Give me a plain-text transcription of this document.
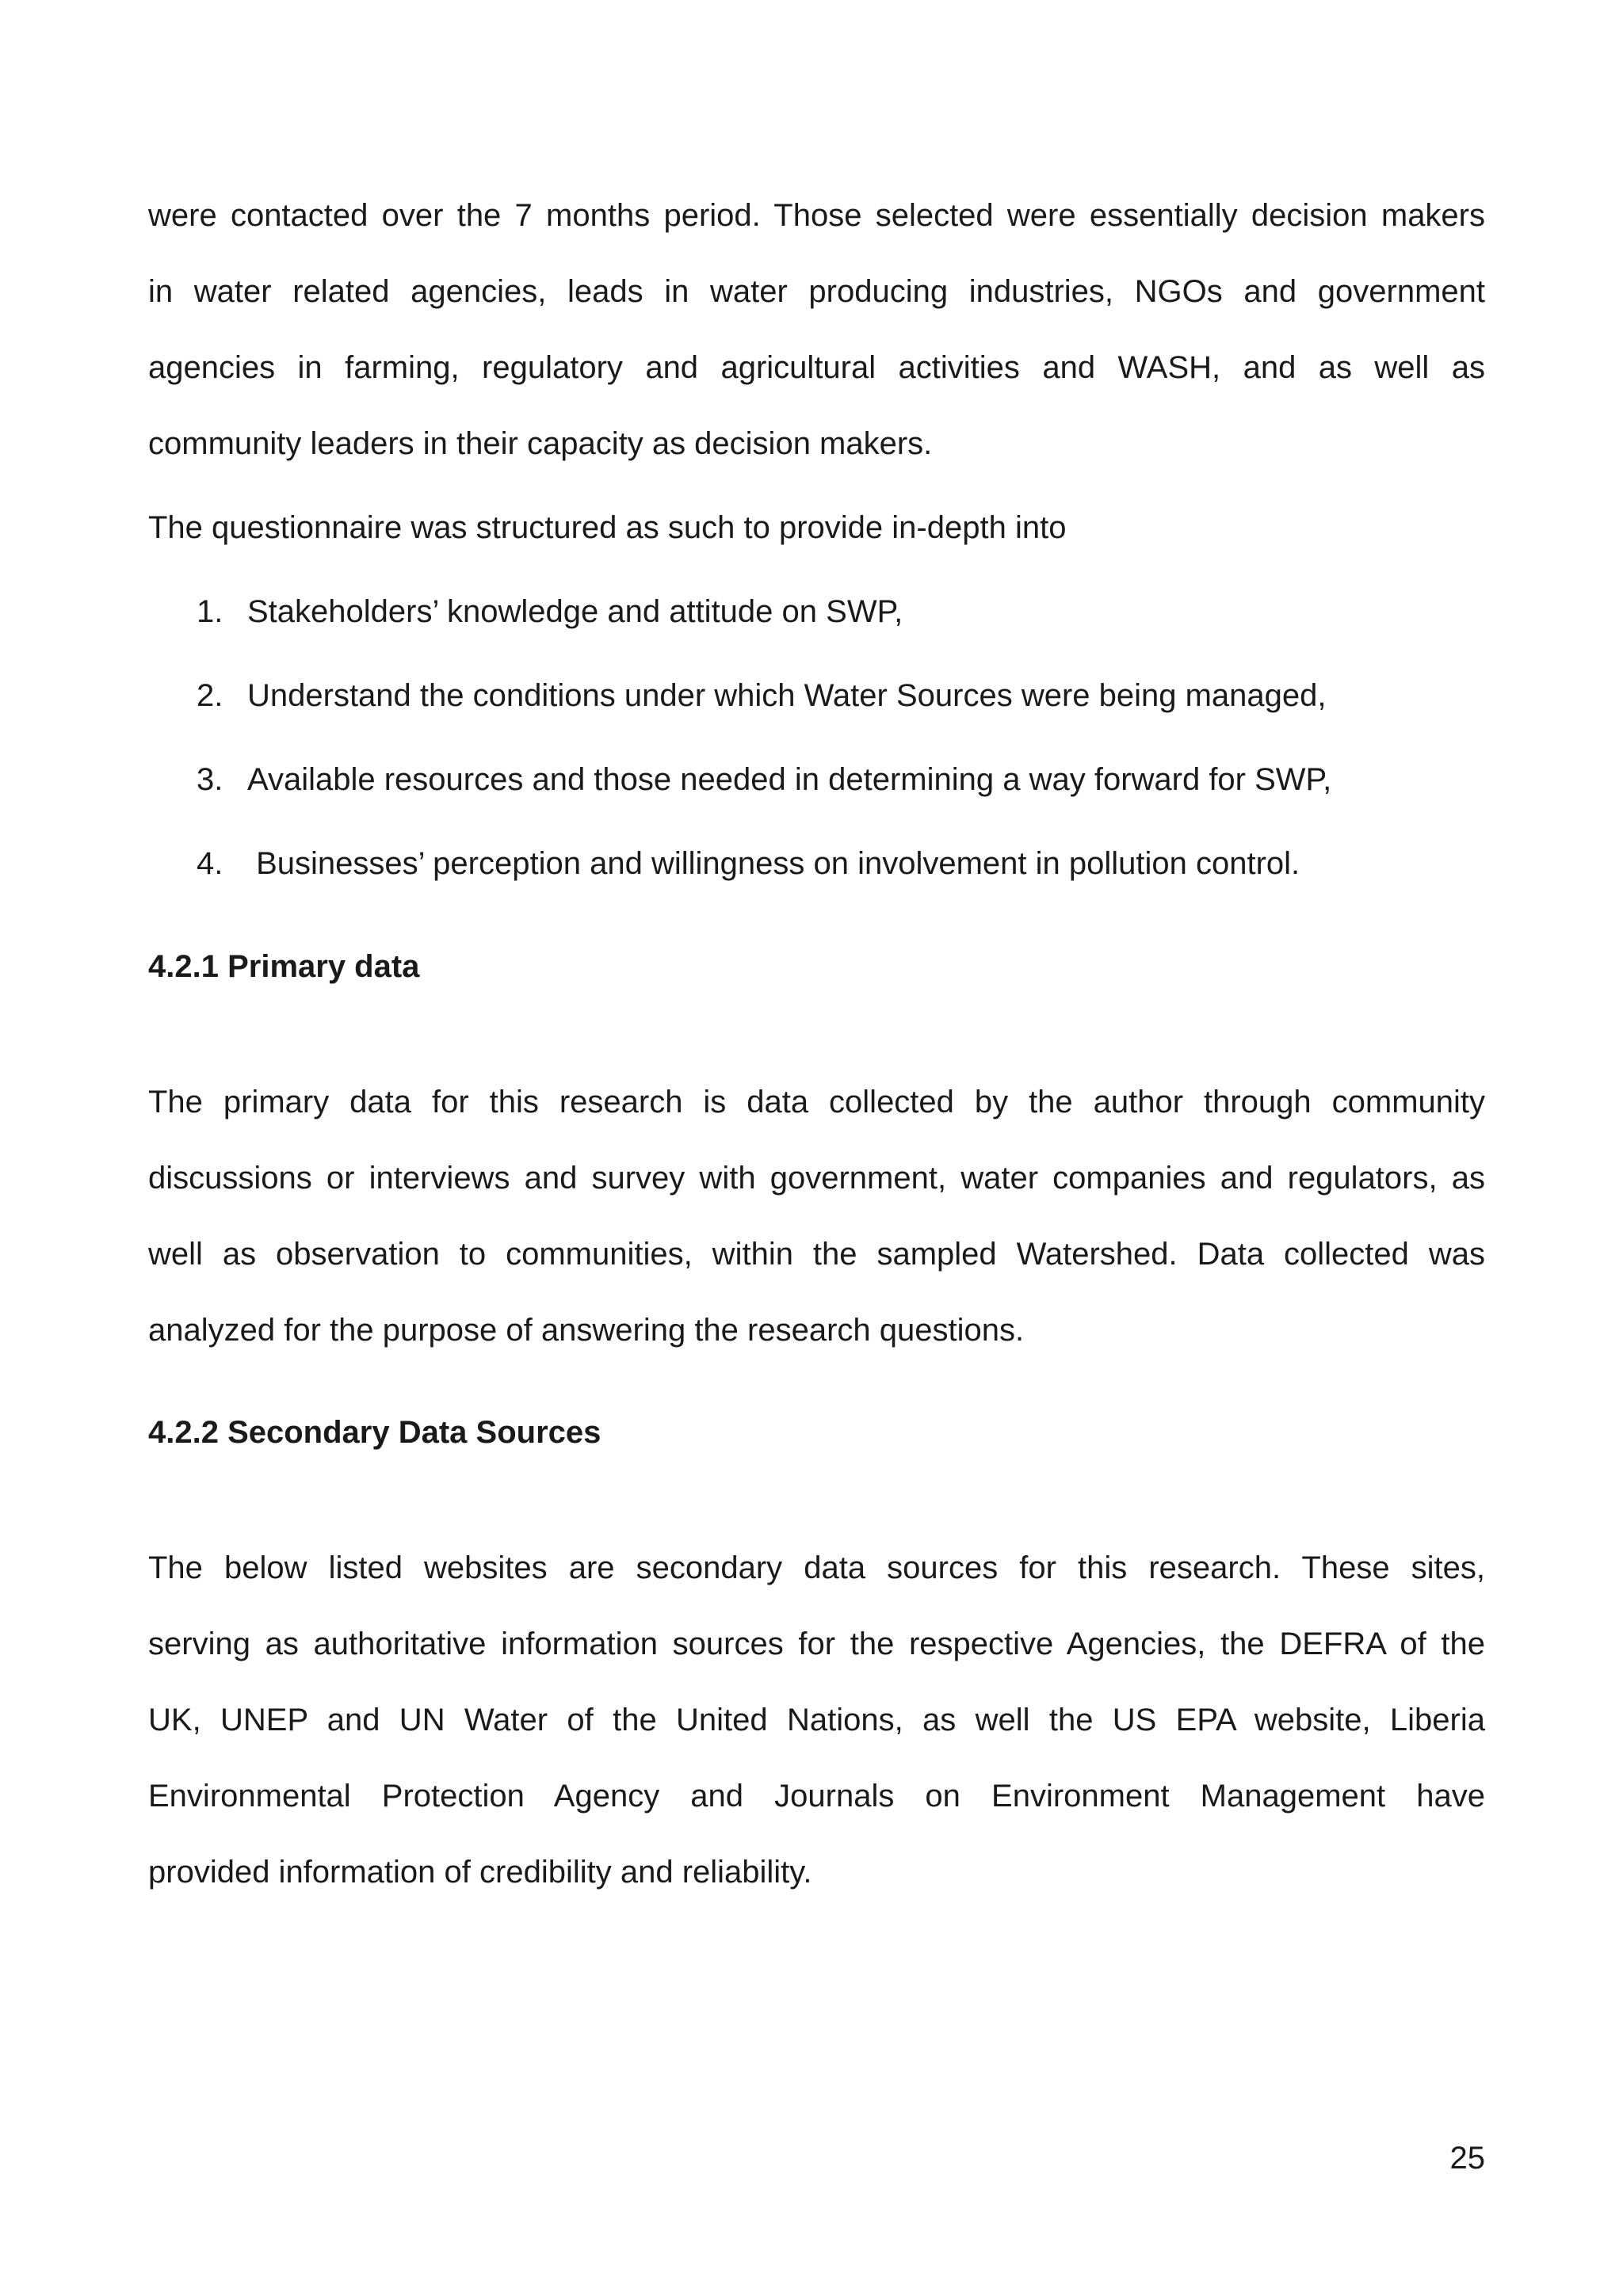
were contacted over the 7 months period. Those selected were essentially decision makers
in water related agencies, leads in water producing industries, NGOs and government
agencies in farming, regulatory and agricultural activities and WASH, and as well as
community leaders in their capacity as decision makers.
The questionnaire was structured as such to provide in-depth into
1. Stakeholders’ knowledge and attitude on SWP,
2. Understand the conditions under which Water Sources were being managed,
3. Available resources and those needed in determining a way forward for SWP,
4. Businesses’ perception and willingness on involvement in pollution control.
4.2.1 Primary data
The primary data for this research is data collected by the author through community
discussions or interviews and survey with government, water companies and regulators, as
well as observation to communities, within the sampled Watershed. Data collected was
analyzed for the purpose of answering the research questions.
4.2.2 Secondary Data Sources
The below listed websites are secondary data sources for this research. These sites,
serving as authoritative information sources for the respective Agencies, the DEFRA of the
UK, UNEP and UN Water of the United Nations, as well the US EPA website, Liberia
Environmental Protection Agency and Journals on Environment Management have
provided information of credibility and reliability.
25
